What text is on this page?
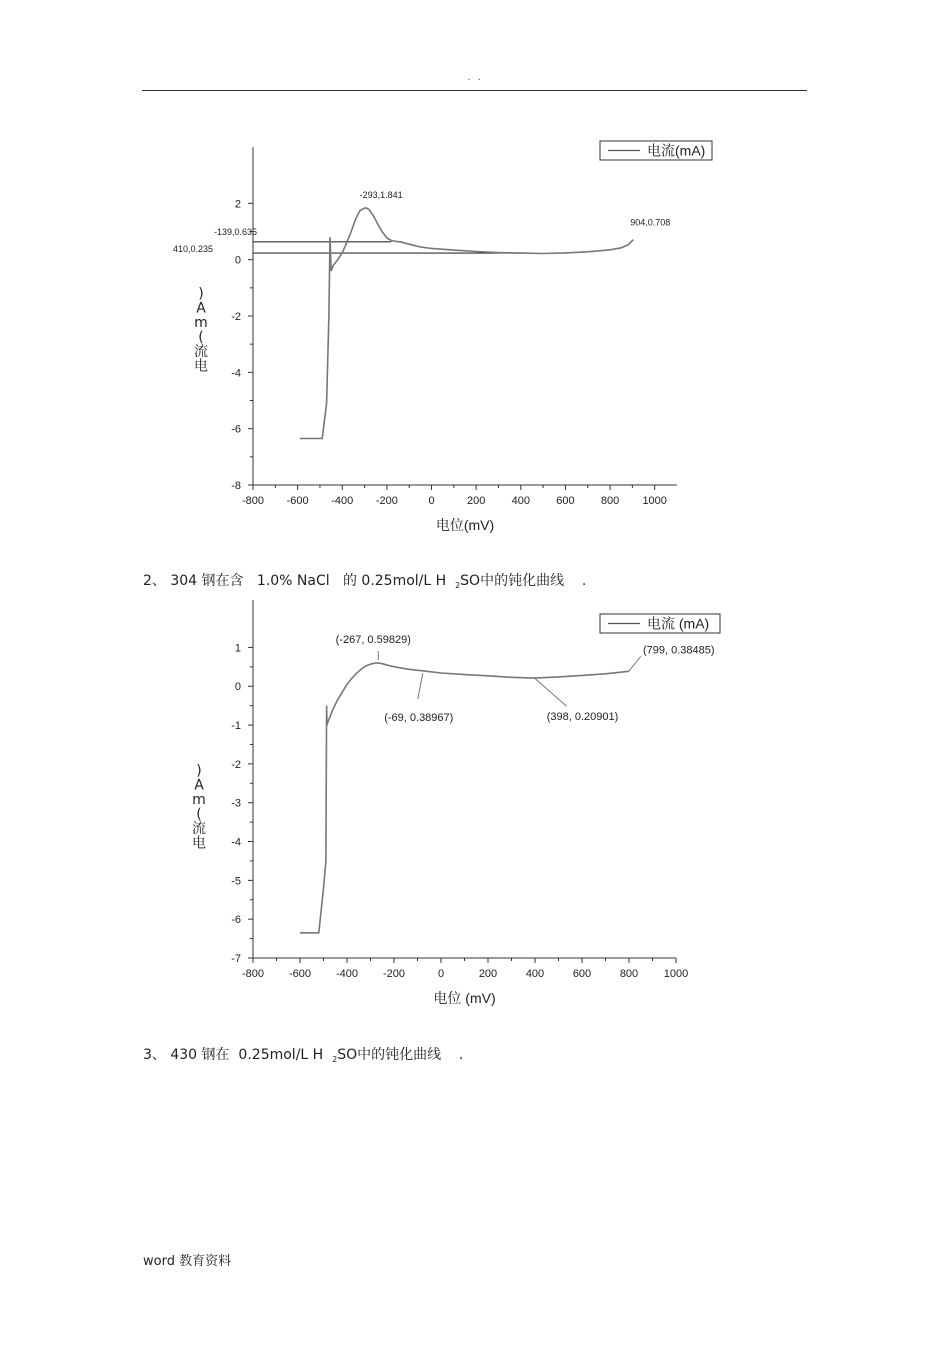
. .
-800 -600 -400 -200	0	200 400 600 800 1000
2
0
-2
-4
-6
-8
电位(mV)
)
A
m
(
流
电
-293,1.841
-139,0.635
410,0.235
904,0.708
电流(mA)
2、 304 钢在含   1.0% NaCl   的 0.25mol/L H  $_2$SO中的钝化曲线    .
-800 -600 -400 -200	0	200	400	600	800 1000
1
0
-1
-2
-3
-4
-5
-6
-7
电位 (mV)
)
A
m
(
流
电
(-267, 0.59829)
(-69, 0.38967)	(398, 0.20901)
(799, 0.38485)
电流 (mA)
3、 430 钢在  0.25mol/L H  $_2$SO中的钝化曲线    .
word 教育资料
